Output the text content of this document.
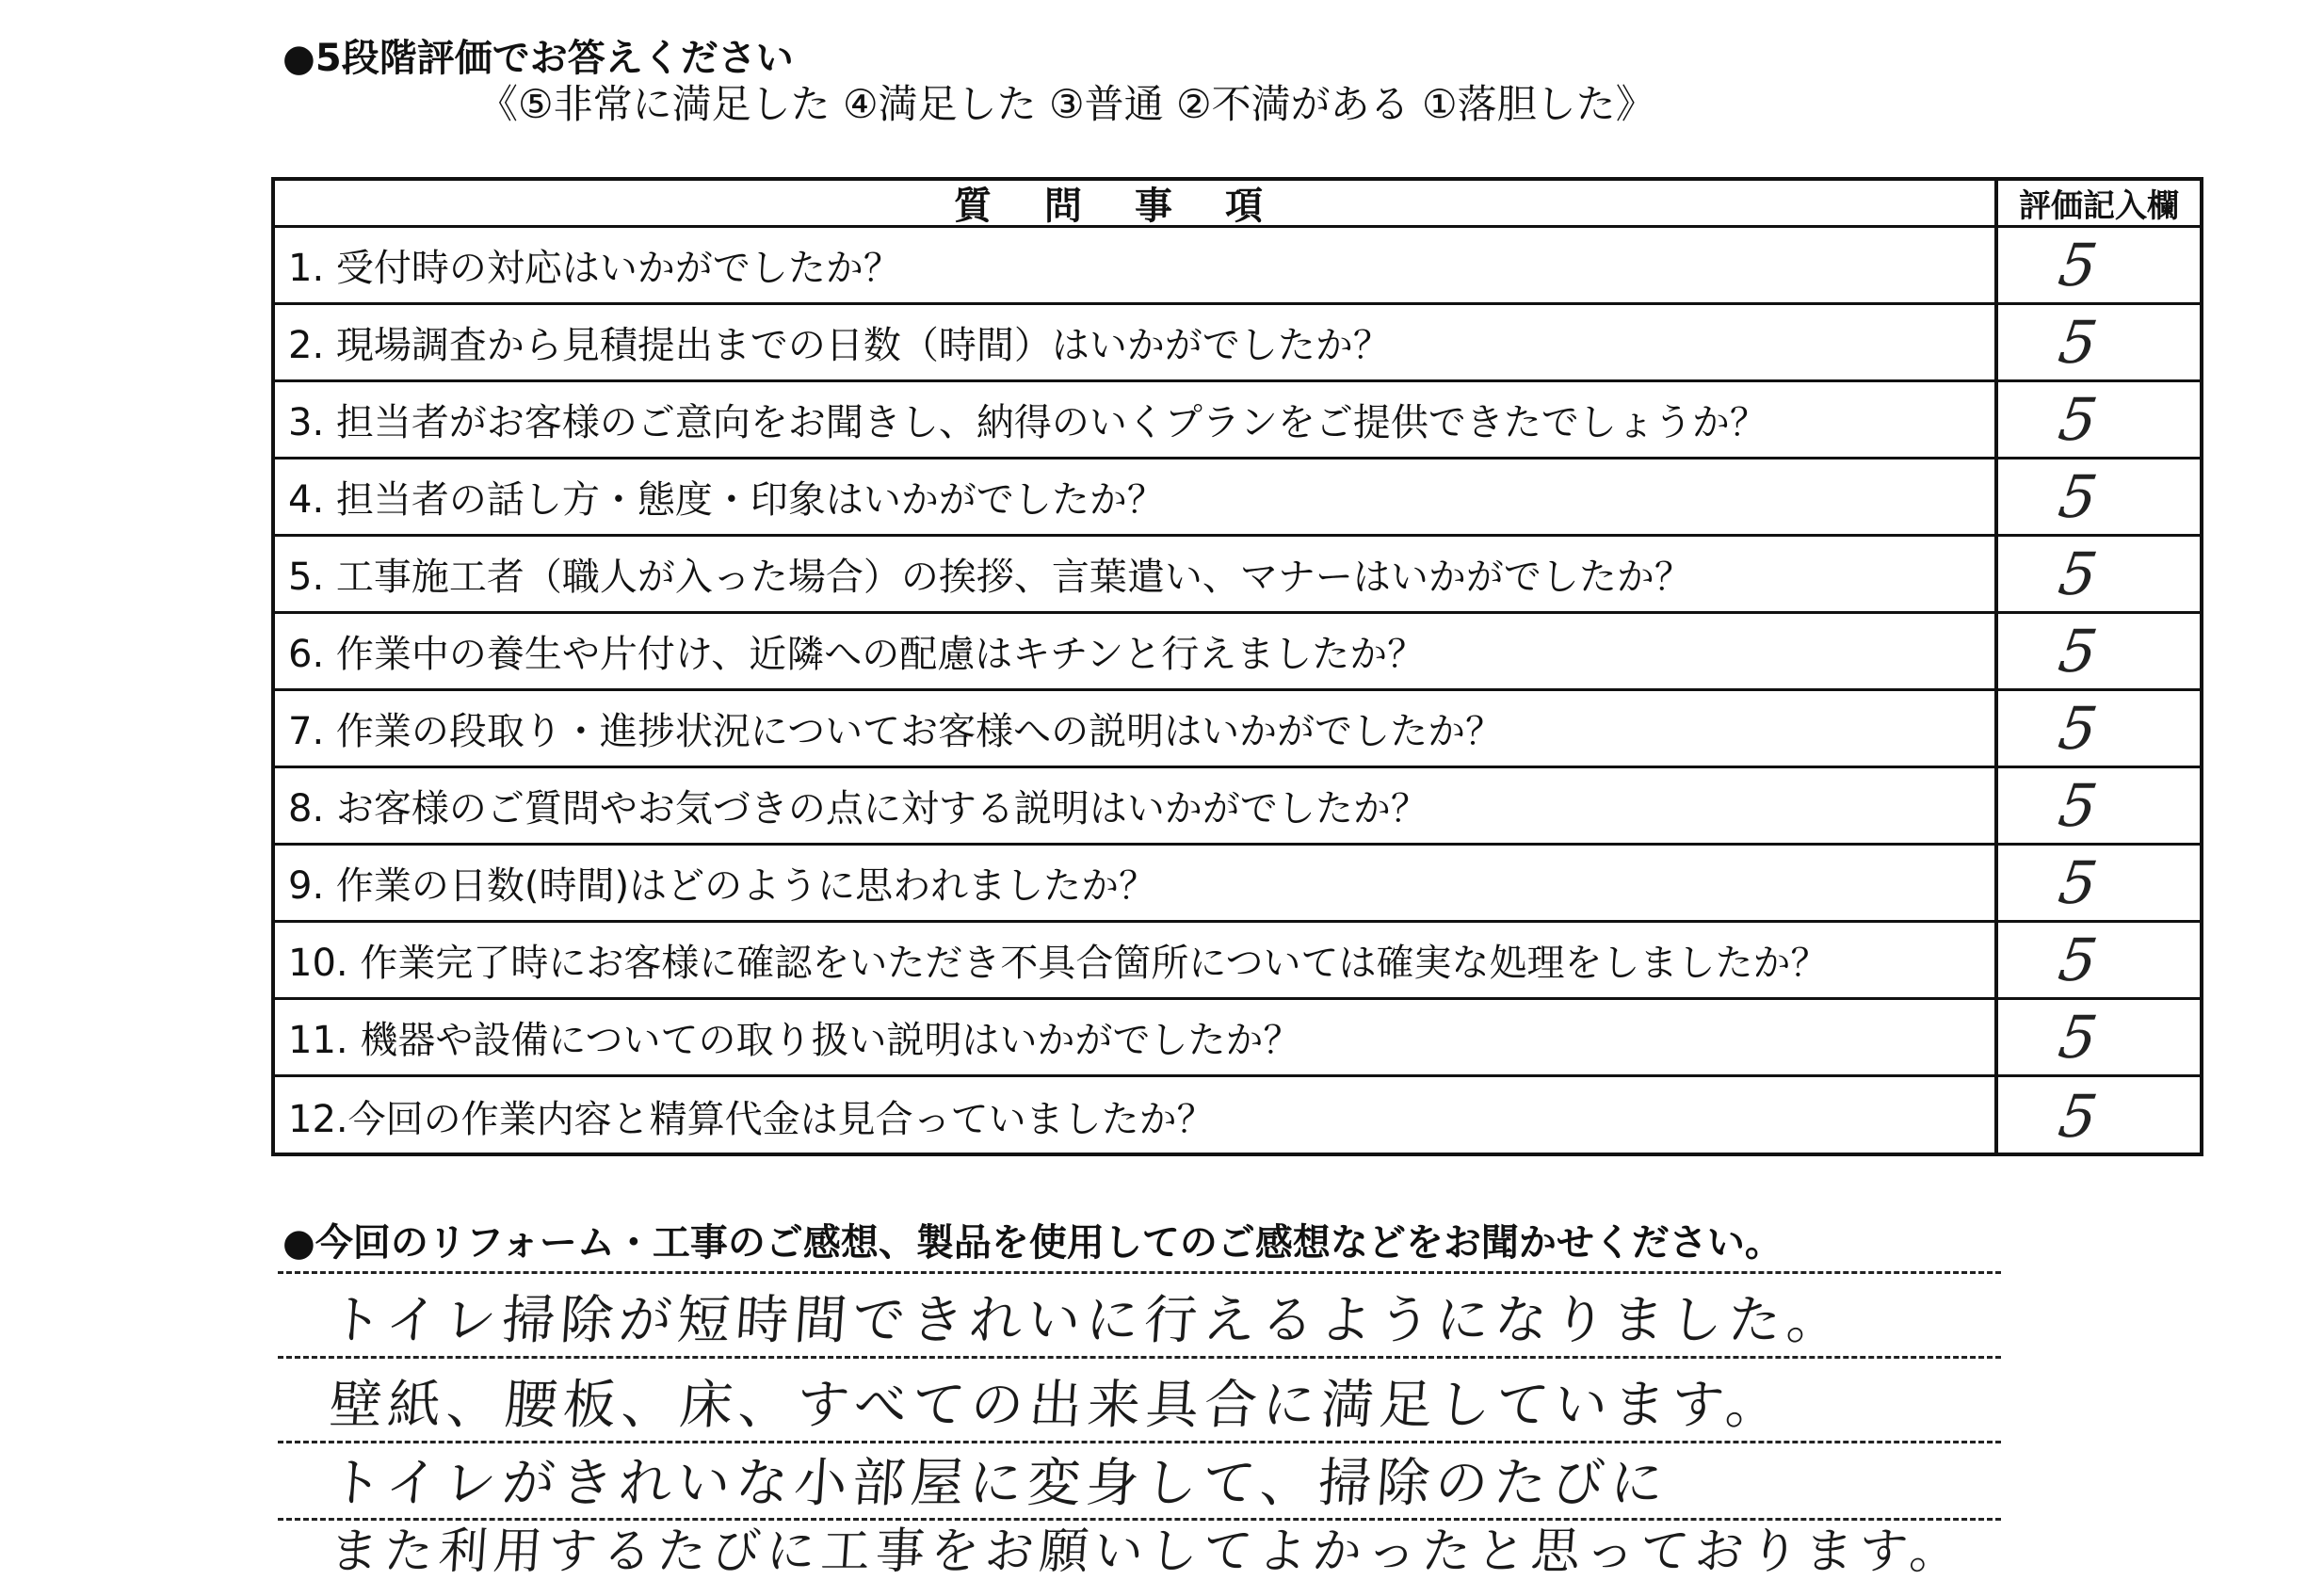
●5段階評価でお答えください
《⑤非常に満足した ④満足した ③普通 ②不満がある ①落胆した》
質問事項	評価記入欄
1. 受付時の対応はいかがでしたか？	5
2. 現場調査から見積提出までの日数（時間）はいかがでしたか？	5
3. 担当者がお客様のご意向をお聞きし、納得のいくプランをご提供できたでしょうか？	5
4. 担当者の話し方・態度・印象はいかがでしたか？	5
5. 工事施工者（職人が入った場合）の挨拶、言葉遣い、マナーはいかがでしたか？	5
6. 作業中の養生や片付け、近隣への配慮はキチンと行えましたか？	5
7. 作業の段取り・進捗状況についてお客様への説明はいかがでしたか？	5
8. お客様のご質問やお気づきの点に対する説明はいかがでしたか？	5
9. 作業の日数(時間)はどのように思われましたか？	5
10. 作業完了時にお客様に確認をいただき不具合箇所については確実な処理をしましたか？	5
11. 機器や設備についての取り扱い説明はいかがでしたか？	5
12.今回の作業内容と精算代金は見合っていましたか？	5
●今回のリフォーム・工事のご感想、製品を使用してのご感想などをお聞かせください。
トイレ掃除が短時間できれいに行えるようになりました。
壁紙、腰板、床、すべての出来具合に満足しています。
トイレがきれいな小部屋に変身して、掃除のたびに
また利用するたびに工事をお願いしてよかったと思っております。
